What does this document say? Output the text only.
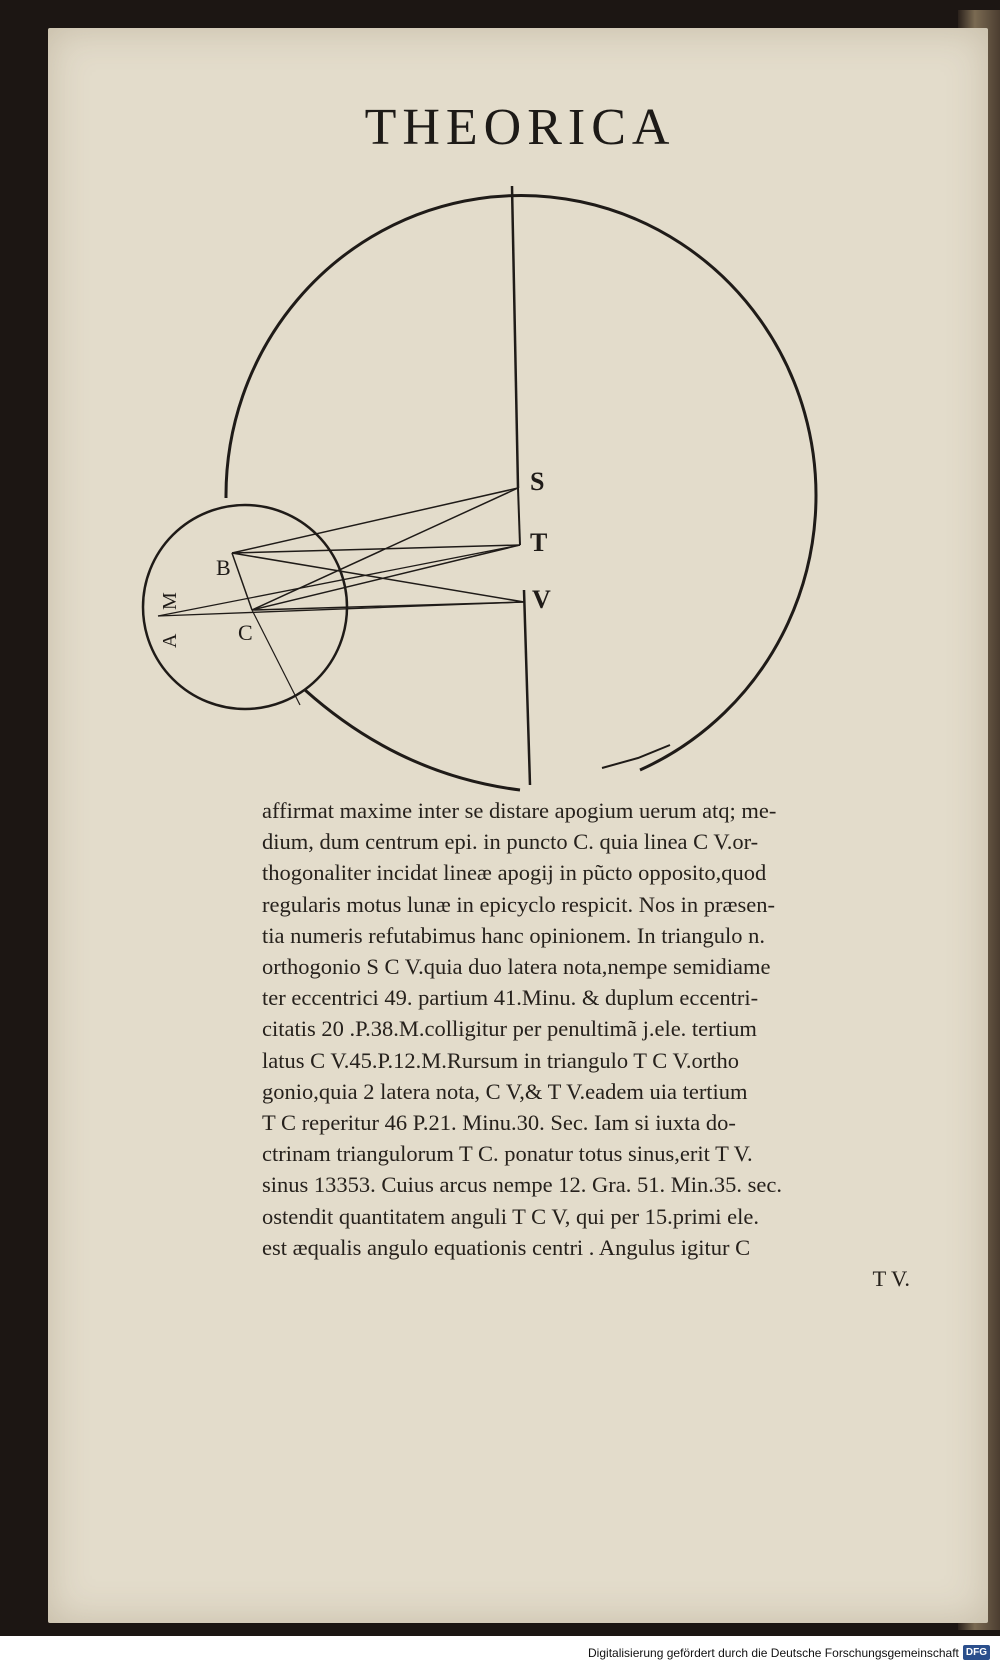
THEORICA
S
T
V
B
C
M
A
affirmat maxime inter se distare apogium uerum atq; me-
dium, dum centrum epi. in puncto C. quia linea C V.or-
thogonaliter incidat lineæ apogij in pũcto opposito,quod
regularis motus lunæ in epicyclo respicit. Nos in præsen-
tia numeris refutabimus hanc opinionem. In triangulo n.
orthogonio S C V.quia duo latera nota,nempe semidiame
ter eccentrici 49. partium 41.Minu. & duplum eccentri-
citatis 20 .P.38.M.colligitur per penultimã j.ele. tertium
latus C V.45.P.12.M.Rursum in triangulo T C V.ortho
gonio,quia 2 latera nota, C V,& T V.eadem uia tertium
T C reperitur 46 P.21. Minu.30. Sec. Iam si iuxta do-
ctrinam triangulorum T C. ponatur totus sinus,erit T V.
sinus 13353. Cuius arcus nempe 12. Gra. 51. Min.35. sec.
ostendit quantitatem anguli T C V, qui per 15.primi ele.
est æqualis angulo equationis centri . Angulus igitur C
T V.
Digitalisierung gefördert durch die Deutsche Forschungsgemeinschaft DFG
